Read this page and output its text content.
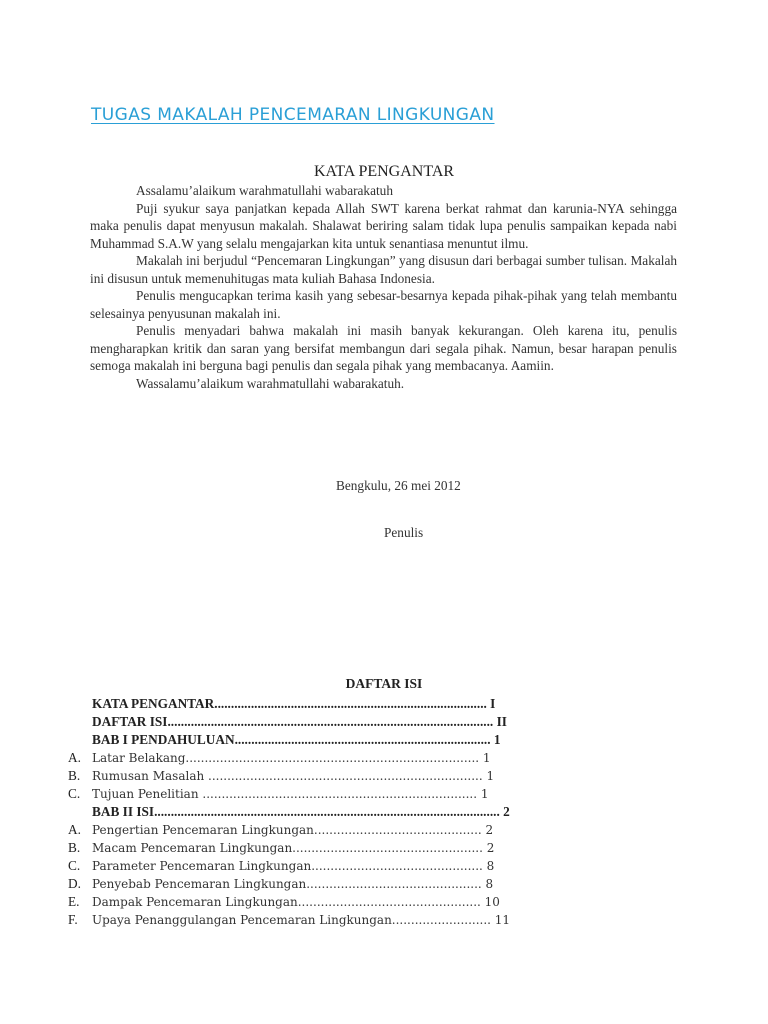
TUGAS MAKALAH PENCEMARAN LINGKUNGAN
KATA PENGANTAR

Assalamu’alaikum warahmatullahi wabarakatuh

Puji syukur saya panjatkan kepada Allah SWT karena berkat rahmat dan karunia-NYA sehingga maka penulis dapat menyusun makalah. Shalawat beriring salam tidak lupa penulis sampaikan kepada nabi Muhammad S.A.W yang selalu mengajarkan kita untuk senantiasa menuntut ilmu.

Makalah ini berjudul “Pencemaran Lingkungan” yang disusun dari berbagai sumber tulisan. Makalah ini disusun untuk memenuhitugas mata kuliah Bahasa Indonesia.

Penulis mengucapkan terima kasih yang sebesar-besarnya kepada pihak-pihak yang telah membantu selesainya penyusunan makalah ini.

Penulis menyadari bahwa makalah ini masih banyak kekurangan. Oleh karena itu, penulis mengharapkan kritik dan saran yang bersifat membangun dari segala pihak. Namun, besar harapan penulis semoga makalah ini berguna bagi penulis dan segala pihak yang membacanya. Aamiin.

Wassalamu’alaikum warahmatullahi wabarakatuh.

Bengkulu, 26 mei 2012
Penulis
DAFTAR ISI
KATA PENGANTAR.................................................................................. I
DAFTAR ISI.................................................................................................. II
BAB I PENDAHULUAN............................................................................. 1
A. Latar Belakang............................................................................. 1
B. Rumusan Masalah ........................................................................ 1
C. Tujuan Penelitian ........................................................................ 1
BAB II ISI........................................................................................................ 2
A. Pengertian Pencemaran Lingkungan............................................ 2
B. Macam Pencemaran Lingkungan.................................................. 2
C. Parameter Pencemaran Lingkungan............................................. 8
D. Penyebab Pencemaran Lingkungan.............................................. 8
E. Dampak Pencemaran Lingkungan................................................ 10
F. Upaya Penanggulangan Pencemaran Lingkungan.......................... 11
